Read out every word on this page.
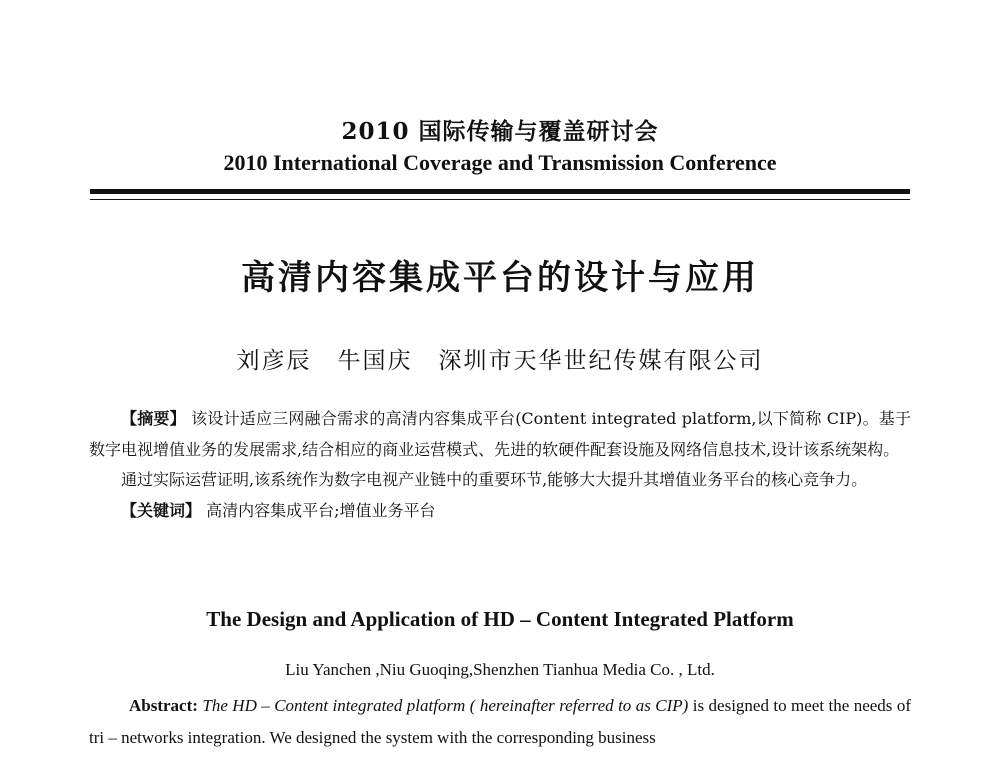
2010 国际传输与覆盖研讨会
2010 International Coverage and Transmission Conference
高清内容集成平台的设计与应用
刘彦辰 牛国庆 深圳市天华世纪传媒有限公司

【摘要】 该设计适应三网融合需求的高清内容集成平台(Content integrated platform,以下简称 CIP)。基于数字电视增值业务的发展需求,结合相应的商业运营模式、先进的软硬件配套设施及网络信息技术,设计该系统架构。

通过实际运营证明,该系统作为数字电视产业链中的重要环节,能够大大提升其增值业务平台的核心竞争力。

【关键词】 高清内容集成平台;增值业务平台

The Design and Application of HD – Content Integrated Platform
Liu Yanchen ,Niu Guoqing,Shenzhen Tianhua Media Co. , Ltd.

Abstract: The HD – Content integrated platform ( hereinafter referred to as CIP) is designed to meet the needs of tri – networks integration. We designed the system with the corresponding business
